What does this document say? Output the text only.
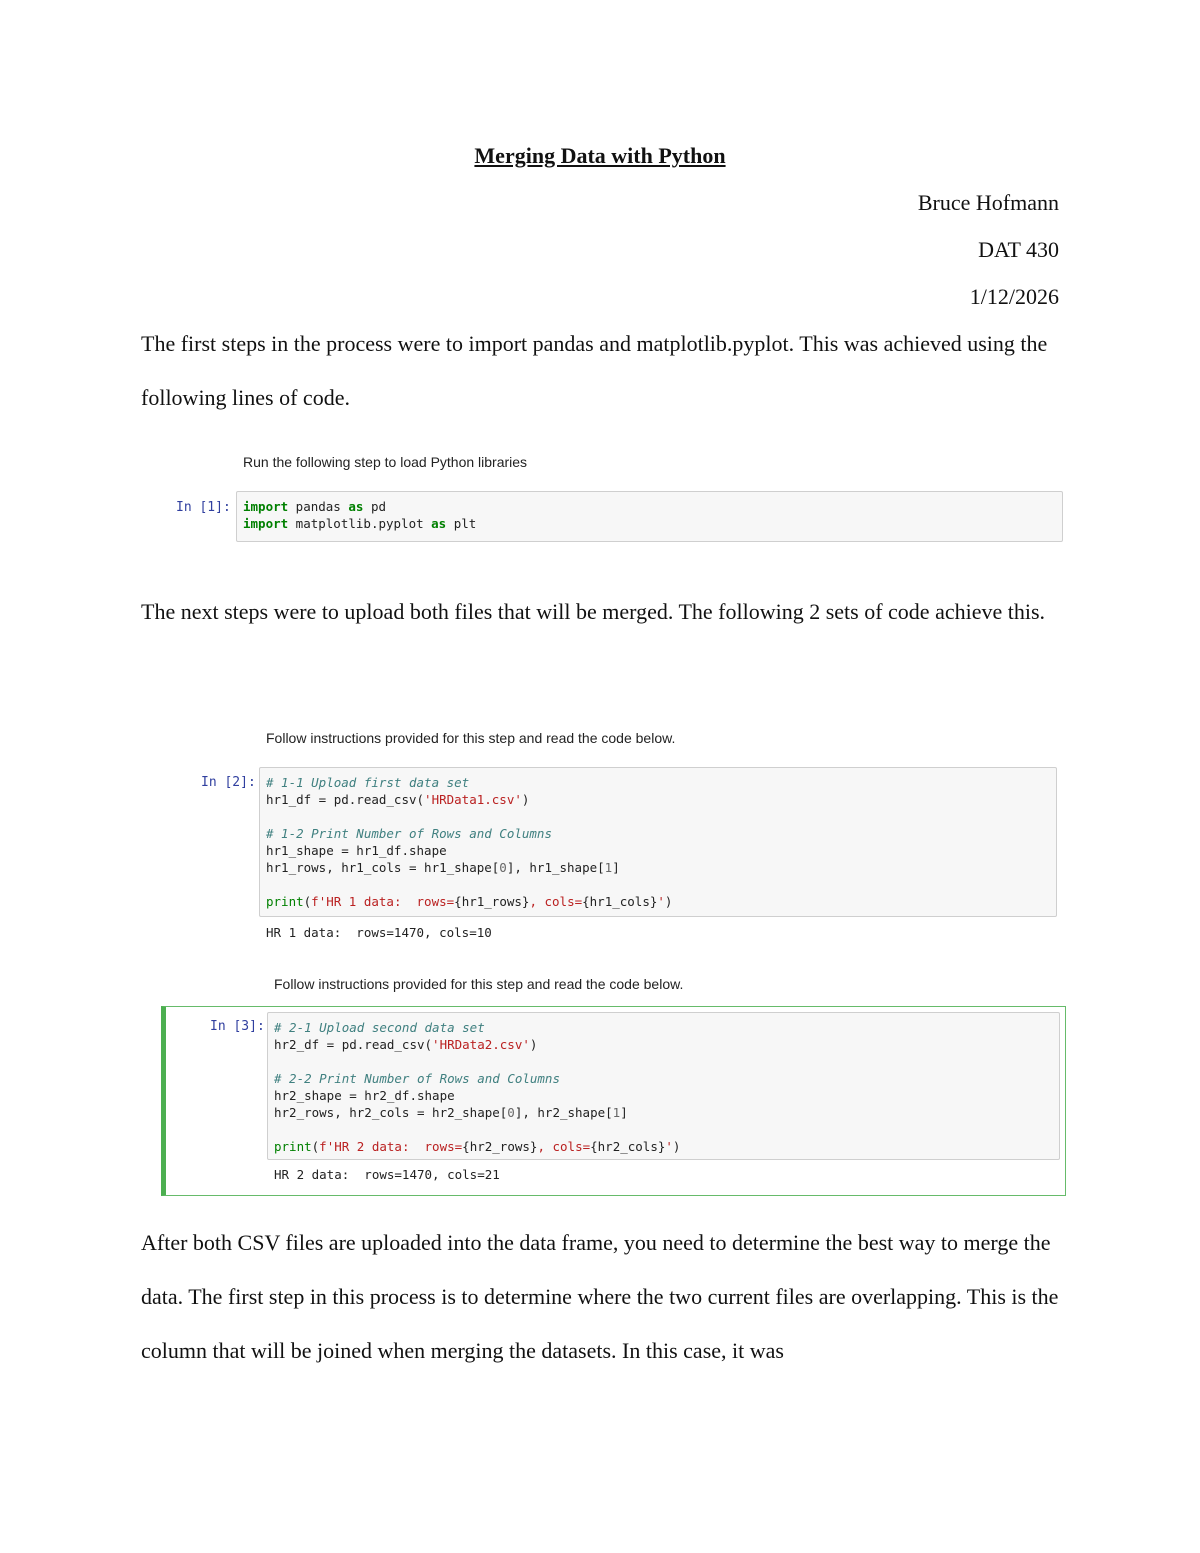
Merging Data with Python
Bruce Hofmann
DAT 430
1/12/2026

The first steps in the process were to import pandas and matplotlib.pyplot. This was achieved using the following lines of code.

Run the following step to load Python libraries
In [1]: import pandas as pd
import matplotlib.pyplot as plt

The next steps were to upload both files that will be merged. The following 2 sets of code achieve this.

Follow instructions provided for this step and read the code below.
In [2]: # 1-1 Upload first data set
hr1_df = pd.read_csv('HRData1.csv')
# 1-2 Print Number of Rows and Columns
hr1_shape = hr1_df.shape
hr1_rows, hr1_cols = hr1_shape[0], hr1_shape[1]
print(f'HR 1 data:  rows={hr1_rows}, cols={hr1_cols}')
HR 1 data:  rows=1470, cols=10
Follow instructions provided for this step and read the code below.
In [3]: # 2-1 Upload second data set
hr2_df = pd.read_csv('HRData2.csv')
# 2-2 Print Number of Rows and Columns
hr2_shape = hr2_df.shape
hr2_rows, hr2_cols = hr2_shape[0], hr2_shape[1]
print(f'HR 2 data:  rows={hr2_rows}, cols={hr2_cols}')
HR 2 data:  rows=1470, cols=21

After both CSV files are uploaded into the data frame, you need to determine the best way to merge the data. The first step in this process is to determine where the two current files are overlapping. This is the column that will be joined when merging the datasets. In this case, it was
